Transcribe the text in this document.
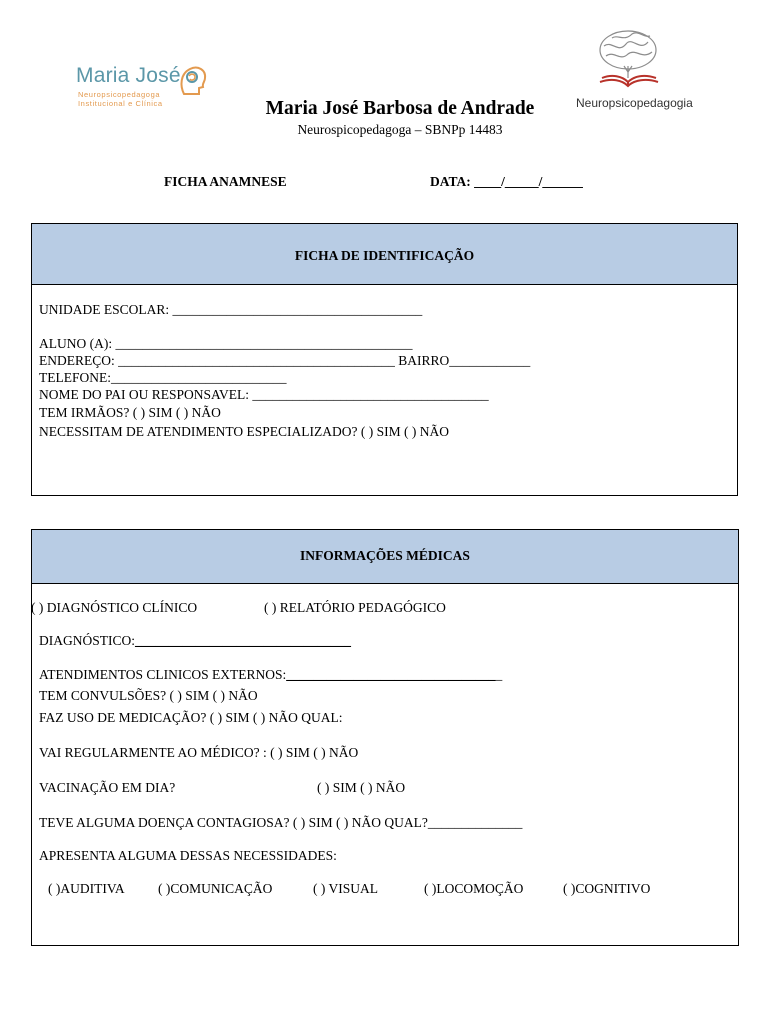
Maria José
Neuropsicopedagoga
Institucional e Clínica	Neuropsicopedagogia
Maria José Barbosa de Andrade
Neurospicopedagoga – SBNPp 14483
FICHA ANAMNESE	DATA: ____/_____/______
FICHA DE IDENTIFICAÇÃO
UNIDADE ESCOLAR: _____________________________________
ALUNO (A): ____________________________________________
ENDEREÇO: _________________________________________ BAIRRO____________
TELEFONE:__________________________
NOME DO PAI OU RESPONSAVEL: ___________________________________
TEM IRMÃOS? ( ) SIM ( ) NÃO
NECESSITAM DE ATENDIMENTO ESPECIALIZADO? ( ) SIM ( ) NÃO
INFORMAÇÕES MÉDICAS
( ) DIAGNÓSTICO CLÍNICO	( ) RELATÓRIO PEDAGÓGICO
DIAGNÓSTICO:________________________________
ATENDIMENTOS CLINICOS EXTERNOS:________________________________
TEM CONVULSÕES? ( ) SIM ( ) NÃO
FAZ USO DE MEDICAÇÃO? ( ) SIM ( ) NÃO QUAL:
VAI REGULARMENTE AO MÉDICO? : ( ) SIM ( ) NÃO
VACINAÇÃO EM DIA?	( ) SIM ( ) NÃO
TEVE ALGUMA DOENÇA CONTAGIOSA? ( ) SIM ( ) NÃO QUAL?______________
APRESENTA ALGUMA DESSAS NECESSIDADES:
( )AUDITIVA ( )COMUNICAÇÃO	( ) VISUAL	( )LOCOMOÇÃO	( )COGNITIVO
